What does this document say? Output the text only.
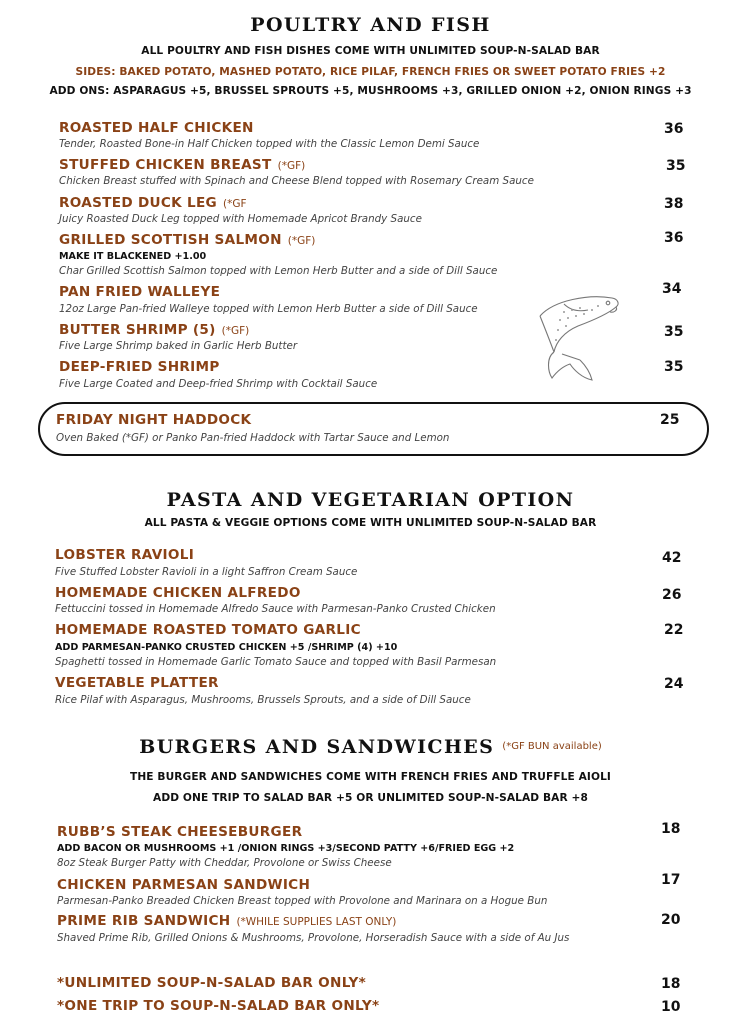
POULTRY AND FISH
ALL POULTRY AND FISH DISHES COME WITH UNLIMITED SOUP-N-SALAD BAR
SIDES: BAKED POTATO, MASHED POTATO, RICE PILAF, FRENCH FRIES OR SWEET POTATO FRIES +2
ADD ONS: ASPARAGUS +5, BRUSSEL SPROUTS +5, MUSHROOMS +3, GRILLED ONION +2, ONION RINGS +3
ROASTED HALF CHICKEN
Tender, Roasted Bone-in Half Chicken topped with the Classic Lemon Demi Sauce
36
STUFFED CHICKEN BREAST (*GF)
Chicken Breast stuffed with Spinach and Cheese Blend topped with Rosemary Cream Sauce
35
ROASTED DUCK LEG (*GF
Juicy Roasted Duck Leg topped with Homemade Apricot Brandy Sauce
38
GRILLED SCOTTISH SALMON (*GF)
MAKE IT BLACKENED +1.00
Char Grilled Scottish Salmon topped with Lemon Herb Butter and a side of Dill Sauce
36
PAN FRIED WALLEYE
12oz Large Pan-fried Walleye topped with Lemon Herb Butter a side of Dill Sauce
34
BUTTER SHRIMP (5) (*GF)
Five Large Shrimp baked in Garlic Herb Butter
35
DEEP-FRIED SHRIMP
Five Large Coated and Deep-fried Shrimp with Cocktail Sauce
35
FRIDAY NIGHT HADDOCK
Oven Baked (*GF) or Panko Pan-fried Haddock with Tartar Sauce and Lemon
25
PASTA AND VEGETARIAN OPTION
ALL PASTA & VEGGIE OPTIONS COME WITH UNLIMITED SOUP-N-SALAD BAR
LOBSTER RAVIOLI
Five Stuffed Lobster Ravioli in a light Saffron Cream Sauce
42
HOMEMADE CHICKEN ALFREDO
Fettuccini tossed in Homemade Alfredo Sauce with Parmesan-Panko Crusted Chicken
26
HOMEMADE ROASTED TOMATO GARLIC
ADD PARMESAN-PANKO CRUSTED CHICKEN +5 /SHRIMP (4) +10
Spaghetti tossed in Homemade Garlic Tomato Sauce and topped with Basil Parmesan
22
VEGETABLE PLATTER
Rice Pilaf with Asparagus, Mushrooms, Brussels Sprouts, and a side of Dill Sauce
24
BURGERS AND SANDWICHES $^{(*GF BUN available)}$
THE BURGER AND SANDWICHES COME WITH FRENCH FRIES AND TRUFFLE AIOLI
ADD ONE TRIP TO SALAD BAR +5 OR UNLIMITED SOUP-N-SALAD BAR +8
RUBB’S STEAK CHEESEBURGER
ADD BACON OR MUSHROOMS +1 /ONION RINGS +3/SECOND PATTY +6/FRIED EGG +2
8oz Steak Burger Patty with Cheddar, Provolone or Swiss Cheese
18
CHICKEN PARMESAN SANDWICH
Parmesan-Panko Breaded Chicken Breast topped with Provolone and Marinara on a Hogue Bun
17
PRIME RIB SANDWICH (*WHILE SUPPLIES LAST ONLY)
Shaved Prime Rib, Grilled Onions & Mushrooms, Provolone, Horseradish Sauce with a side of Au Jus
20
*UNLIMITED SOUP-N-SALAD BAR ONLY*	18
*ONE TRIP TO SOUP-N-SALAD BAR ONLY*	10
